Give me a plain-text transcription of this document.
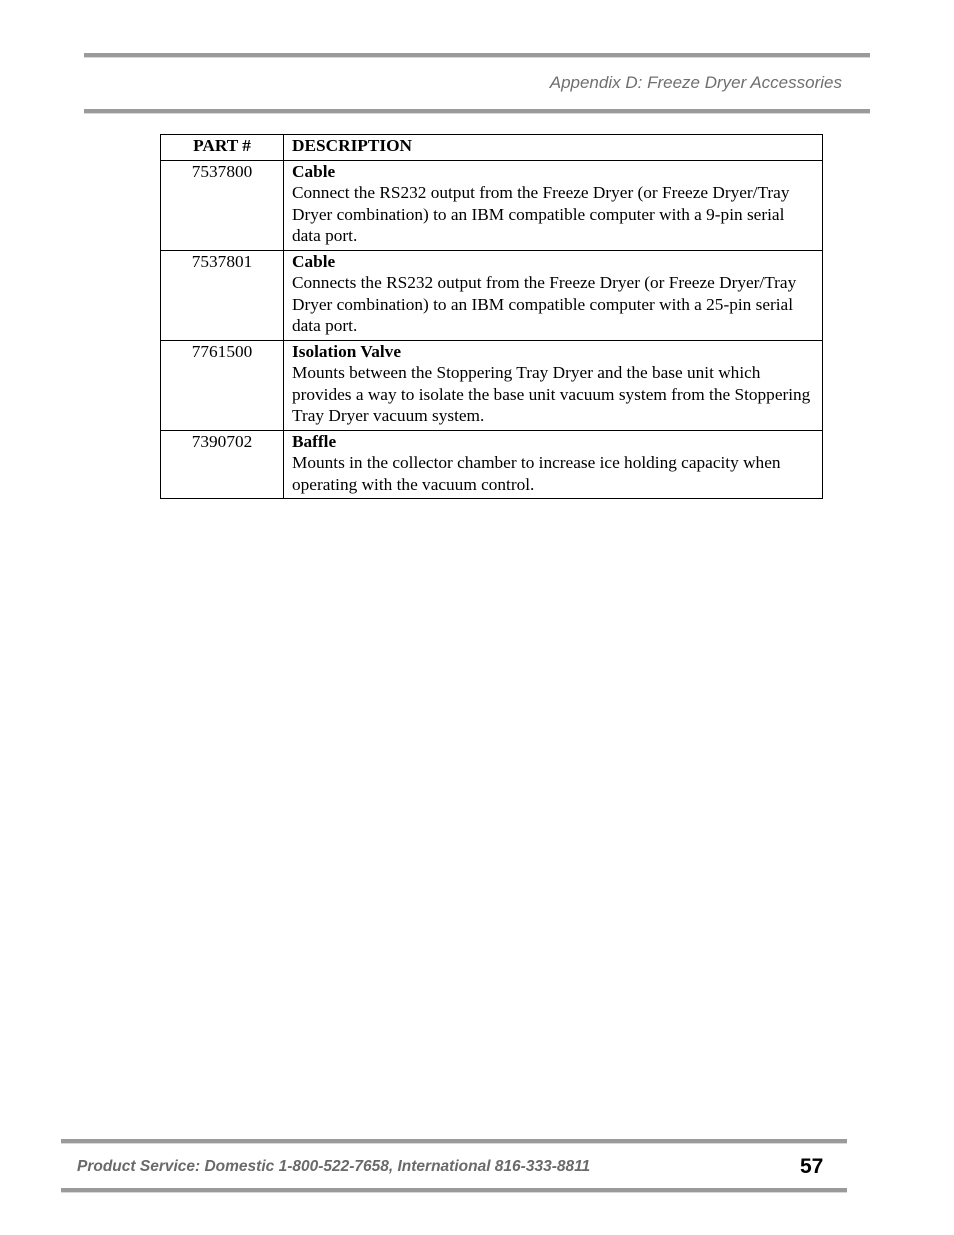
Appendix D: Freeze Dryer Accessories
PART #	DESCRIPTION
7537800	Cable
Connect the RS232 output from the Freeze Dryer (or Freeze Dryer/Tray Dryer combination) to an IBM compatible computer with a 9-pin serial data port.

7537801	Cable
Connects the RS232 output from the Freeze Dryer (or Freeze Dryer/Tray Dryer combination) to an IBM compatible computer with a 25-pin serial data port.

7761500	Isolation Valve
Mounts between the Stoppering Tray Dryer and the base unit which provides a way to isolate the base unit vacuum system from the Stoppering Tray Dryer vacuum system.

7390702	Baffle
Mounts in the collector chamber to increase ice holding capacity when operating with the vacuum control.
Product Service: Domestic 1-800-522-7658, International 816-333-8811	57
